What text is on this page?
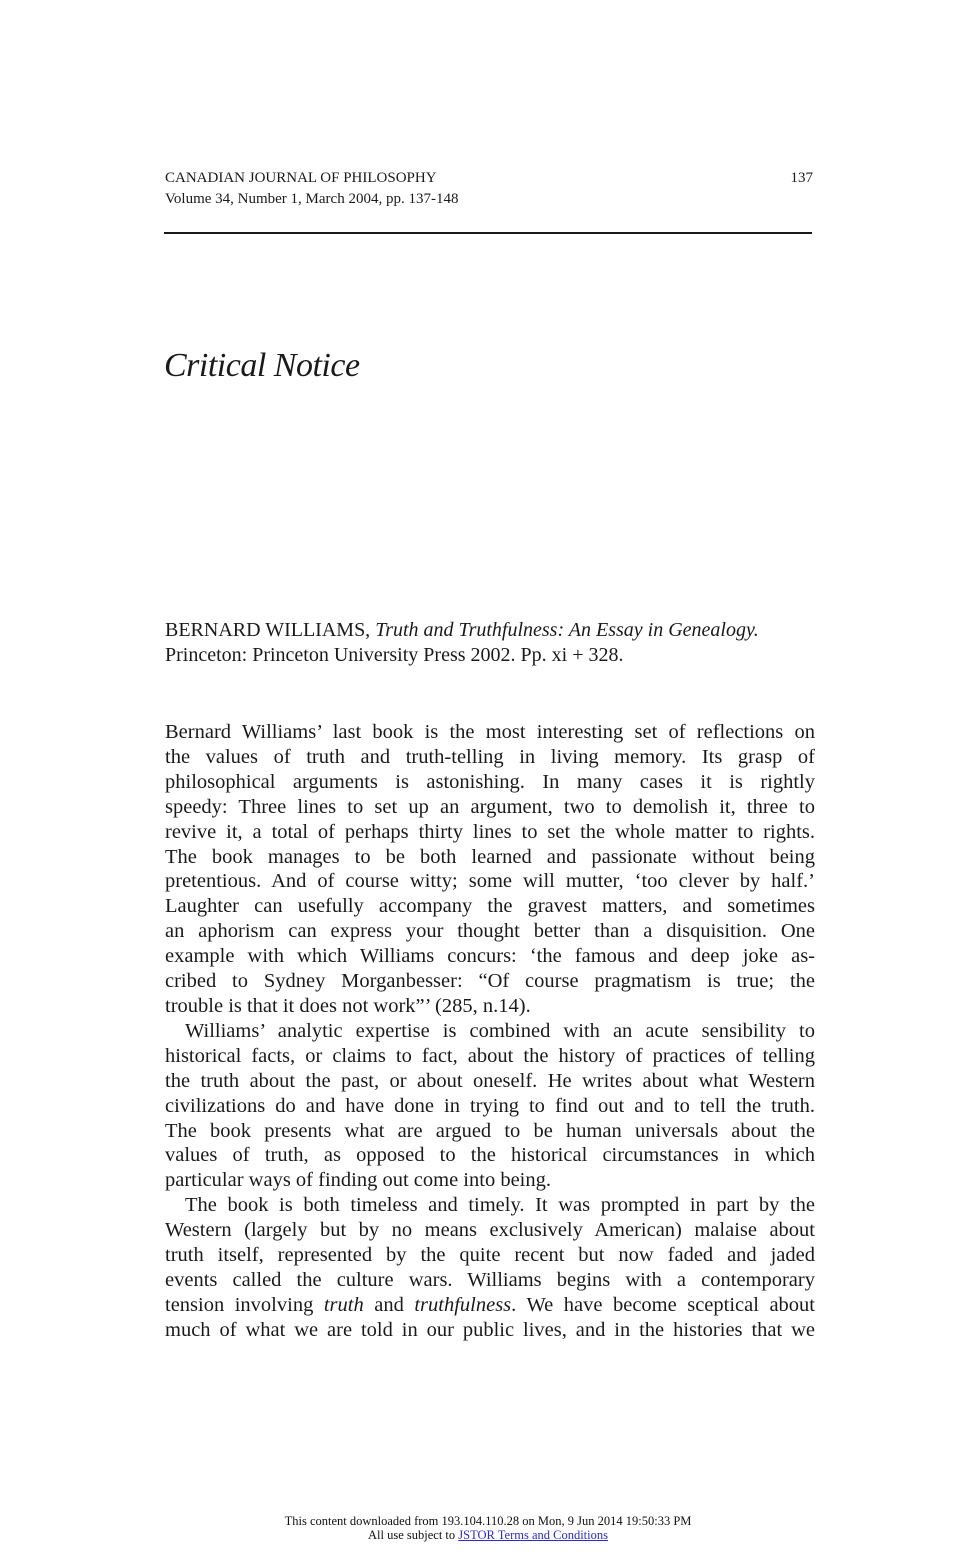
CANADIAN JOURNAL OF PHILOSOPHY
Volume 34, Number 1, March 2004, pp. 137-148
137
Critical Notice
BERNARD WILLIAMS, Truth and Truthfulness: An Essay in Genealogy.
Princeton: Princeton University Press 2002. Pp. xi + 328.

Bernard Williams’ last book is the most interesting set of reflections on
the values of truth and truth-telling in living memory. Its grasp of
philosophical arguments is astonishing. In many cases it is rightly
speedy: Three lines to set up an argument, two to demolish it, three to
revive it, a total of perhaps thirty lines to set the whole matter to rights.
The book manages to be both learned and passionate without being
pretentious. And of course witty; some will mutter, ‘too clever by half.’
Laughter can usefully accompany the gravest matters, and sometimes
an aphorism can express your thought better than a disquisition. One
example with which Williams concurs: ‘the famous and deep joke as-
cribed to Sydney Morganbesser: “Of course pragmatism is true; the
trouble is that it does not work”’ (285, n.14).

Williams’ analytic expertise is combined with an acute sensibility to
historical facts, or claims to fact, about the history of practices of telling
the truth about the past, or about oneself. He writes about what Western
civilizations do and have done in trying to find out and to tell the truth.
The book presents what are argued to be human universals about the
values of truth, as opposed to the historical circumstances in which
particular ways of finding out come into being.

The book is both timeless and timely. It was prompted in part by the
Western (largely but by no means exclusively American) malaise about
truth itself, represented by the quite recent but now faded and jaded
events called the culture wars. Williams begins with a contemporary
tension involving truth and truthfulness. We have become sceptical about
much of what we are told in our public lives, and in the histories that we

This content downloaded from 193.104.110.28 on Mon, 9 Jun 2014 19:50:33 PM
All use subject to JSTOR Terms and Conditions
